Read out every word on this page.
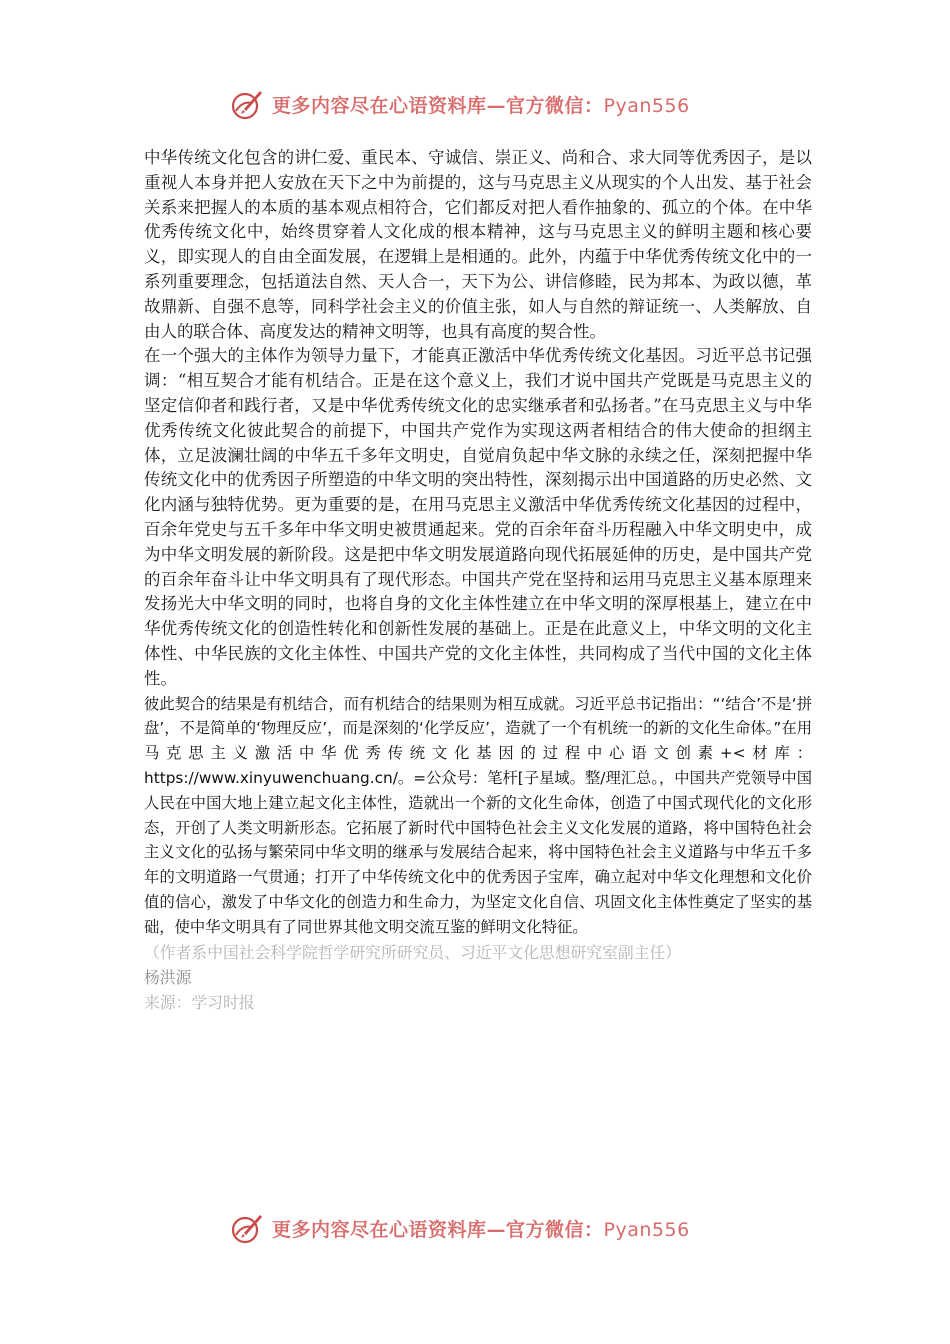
更多内容尽在心语资料库—官方微信：Pyan556

中华传统文化包含的讲仁爱、重民本、守诚信、崇正义、尚和合、求大同等优秀因子，是以重视人本身并把人安放在天下之中为前提的，这与马克思主义从现实的个人出发、基于社会关系来把握人的本质的基本观点相符合，它们都反对把人看作抽象的、孤立的个体。在中华优秀传统文化中，始终贯穿着人文化成的根本精神，这与马克思主义的鲜明主题和核心要义，即实现人的自由全面发展，在逻辑上是相通的。此外，内蕴于中华优秀传统文化中的一系列重要理念，包括道法自然、天人合一，天下为公、讲信修睦，民为邦本、为政以德，革故鼎新、自强不息等，同科学社会主义的价值主张，如人与自然的辩证统一、人类解放、自由人的联合体、高度发达的精神文明等，也具有高度的契合性。

在一个强大的主体作为领导力量下，才能真正激活中华优秀传统文化基因。习近平总书记强调：“相互契合才能有机结合。正是在这个意义上，我们才说中国共产党既是马克思主义的坚定信仰者和践行者，又是中华优秀传统文化的忠实继承者和弘扬者。”在马克思主义与中华优秀传统文化彼此契合的前提下，中国共产党作为实现这两者相结合的伟大使命的担纲主体，立足波澜壮阔的中华五千多年文明史，自觉肩负起中华文脉的永续之任，深刻把握中华传统文化中的优秀因子所塑造的中华文明的突出特性，深刻揭示出中国道路的历史必然、文化内涵与独特优势。更为重要的是，在用马克思主义激活中华优秀传统文化基因的过程中，百余年党史与五千多年中华文明史被贯通起来。党的百余年奋斗历程融入中华文明史中，成为中华文明发展的新阶段。这是把中华文明发展道路向现代拓展延伸的历史，是中国共产党的百余年奋斗让中华文明具有了现代形态。中国共产党在坚持和运用马克思主义基本原理来发扬光大中华文明的同时，也将自身的文化主体性建立在中华文明的深厚根基上，建立在中华优秀传统文化的创造性转化和创新性发展的基础上。正是在此意义上，中华文明的文化主体性、中华民族的文化主体性、中国共产党的文化主体性，共同构成了当代中国的文化主体性。

彼此契合的结果是有机结合，而有机结合的结果则为相互成就。习近平总书记指出：“‘结合’不是‘拼盘’，不是简单的‘物理反应’，而是深刻的‘化学反应’，造就了一个有机统一的新的文化生命体。”在用马克思主义激活中华优秀传统文化基因的过程中心语文创素+<材库：https://www.xinyuwenchuang.cn/。=公众号：笔杆[子星域。整/理汇总。，中国共产党领导中国人民在中国大地上建立起文化主体性，造就出一个新的文化生命体，创造了中国式现代化的文化形态，开创了人类文明新形态。它拓展了新时代中国特色社会主义文化发展的道路，将中国特色社会主义文化的弘扬与繁荣同中华文明的继承与发展结合起来，将中国特色社会主义道路与中华五千多年的文明道路一气贯通；打开了中华传统文化中的优秀因子宝库，确立起对中华文化理想和文化价值的信心，激发了中华文化的创造力和生命力，为坚定文化自信、巩固文化主体性奠定了坚实的基础，使中华文明具有了同世界其他文明交流互鉴的鲜明文化特征。

（作者系中国社会科学院哲学研究所研究员、习近平文化思想研究室副主任）

杨洪源

来源：学习时报

更多内容尽在心语资料库—官方微信：Pyan556
